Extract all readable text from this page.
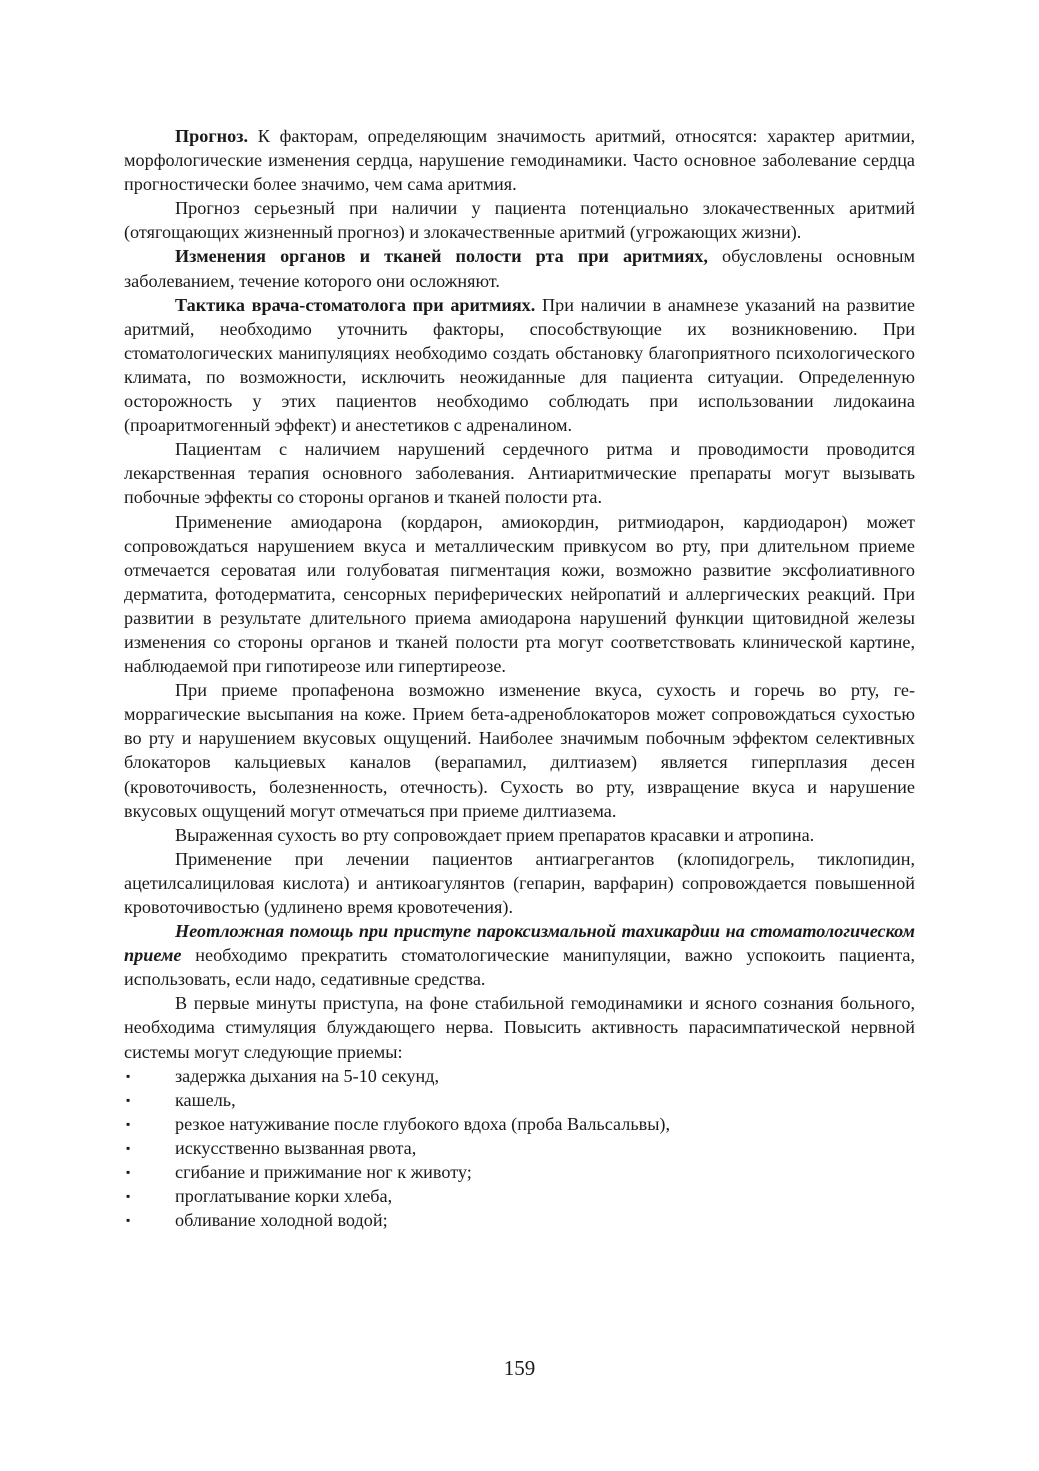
Прогноз. К факторам, определяющим значимость аритмий, относятся: характер аритмии, морфологические изменения сердца, нарушение гемодинамики. Часто основное заболевание сердца прогностически более значимо, чем сама аритмия.

Прогноз серьезный при наличии у пациента потенциально злокачественных аритмий (отягощающих жизненный прогноз) и злокачественные аритмий (угрожающих жизни).

Изменения органов и тканей полости рта при аритмиях, обусловлены основным заболеванием, течение которого они осложняют.

Тактика врача-стоматолога при аритмиях. При наличии в анамнезе указаний на развитие аритмий, необходимо уточнить факторы, способствующие их возникновению. При стоматологических манипуляциях необходимо создать обстановку благоприятного психологического климата, по возможности, исключить неожиданные для пациента ситуации. Определенную осторожность у этих пациентов необходимо соблюдать при использовании лидокаина (проаритмогенный эффект) и анестетиков с адреналином.

Пациентам с наличием нарушений сердечного ритма и проводимости проводится лекарственная терапия основного заболевания. Антиаритмические препараты могут вызывать побочные эффекты со стороны органов и тканей полости рта.

Применение амиодарона (кордарон, амиокордин, ритмиодарон, кардиодарон) может сопровождаться нарушением вкуса и металлическим привкусом во рту, при длительном приеме отмечается сероватая или голубоватая пигментация кожи, возможно развитие эксфолиативного дерматита, фотодерматита, сенсорных периферических нейропатий и аллергических реакций. При развитии в результате длительного приема амиодарона нарушений функции щитовидной железы изменения со стороны органов и тканей полости рта могут соответствовать клинической картине, наблюдаемой при гипотиреозе или гипертиреозе.

При приеме пропафенона возможно изменение вкуса, сухость и горечь во рту, геморрагические высыпания на коже. Прием бета-адреноблокаторов может сопровождаться сухостью во рту и нарушением вкусовых ощущений. Наиболее значимым побочным эффектом селективных блокаторов кальциевых каналов (верапамил, дилтиазем) является гиперплазия десен (кровоточивость, болезненность, отечность). Сухость во рту, извращение вкуса и нарушение вкусовых ощущений могут отмечаться при приеме дилтиазема.

Выраженная сухость во рту сопровождает прием препаратов красавки и атропина.

Применение при лечении пациентов антиагрегантов (клопидогрель, тиклопидин, ацетилсалициловая кислота) и антикоагулянтов (гепарин, варфарин) сопровождается повышенной кровоточивостью (удлинено время кровотечения).

Неотложная помощь при приступе пароксизмальной тахикардии на стоматологическом приеме необходимо прекратить стоматологические манипуляции, важно успокоить пациента, использовать, если надо, седативные средства.

В первые минуты приступа, на фоне стабильной гемодинамики и ясного сознания больного, необходима стимуляция блуждающего нерва. Повысить активность парасимпатической нервной системы могут следующие приемы:

▪ задержка дыхания на 5-10 секунд,
▪ кашель,
▪ резкое натуживание после глубокого вдоха (проба Вальсальвы),
▪ искусственно вызванная рвота,
▪ сгибание и прижимание ног к животу;
▪ проглатывание корки хлеба,
▪ обливание холодной водой;
159
